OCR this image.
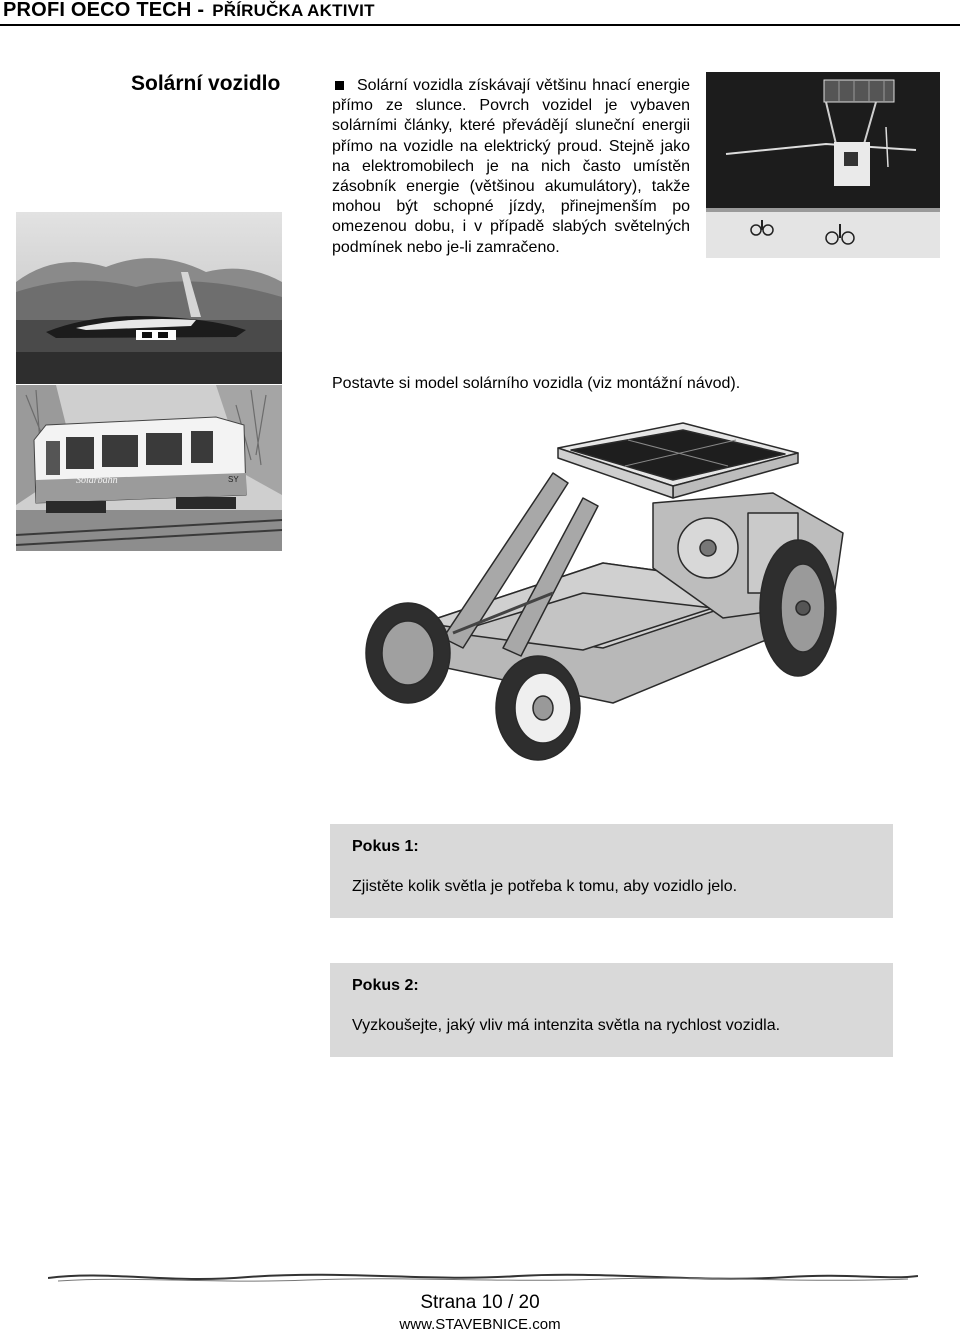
PROFI OECO TECH - PŘÍRUČKA AKTIVIT
Solární vozidlo	Solární vozidla získávají většinu hnací energie přímo ze slunce. Povrch vozidel je vybaven solárními články, které převádějí sluneční energii přímo na vozidle na elektrický proud. Stejně jako na elektromobilech je na nich často umístěn zásobník energie (většinou akumulátory), takže mohou být schopné jízdy, přinejmenším po omezenou dobu, i v případě slabých světelných podmínek nebo je-li zamračeno.
Solarbahn	SY
Postavte si model solárního vozidla (viz montážní návod).
Pokus 1:
Zjistěte kolik světla je potřeba k tomu, aby vozidlo jelo.
Pokus 2:
Vyzkoušejte, jaký vliv má intenzita světla na rychlost vozidla.
Strana 10 / 20
www.STAVEBNICE.com
